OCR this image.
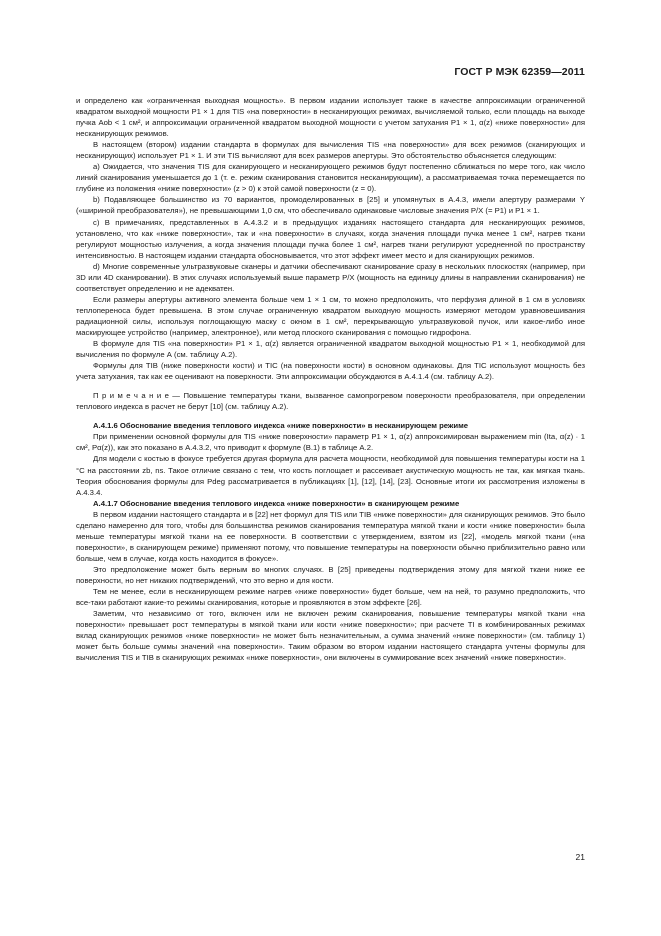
ГОСТ Р МЭК 62359—2011

и определено как «ограниченная выходная мощность». В первом издании использует также в качестве аппроксимации ограниченной квадратом выходной мощности P1 × 1 для TIS «на поверхности» в несканирующих режимах, вычисляемой только, если площадь на выходе пучка Aob < 1 см², и аппроксимации ограниченной квадратом выходной мощности с учетом затухания P1 × 1, α(z) «ниже поверхности» для несканирующих режимов.

В настоящем (втором) издании стандарта в формулах для вычисления TIS «на поверхности» для всех режимов (сканирующих и несканирующих) использует P1 × 1. И эти TIS вычисляют для всех размеров апертуры. Это обстоятельство объясняется следующим:

а) Ожидается, что значения TIS для сканирующего и несканирующего режимов будут постепенно сближаться по мере того, как число линий сканирования уменьшается до 1 (т. е. режим сканирования становится несканирующим), а рассматриваемая точка перемещается по глубине из положения «ниже поверхности» (z > 0) к этой самой поверхности (z = 0).

b) Подавляющее большинство из 70 вариантов, промоделированных в [25] и упомянутых в А.4.3, имели апертуру размерами Y («шириной преобразователя»), не превышающими 1,0 см, что обеспечивало одинаковые числовые значения P/X (= P1) и P1 × 1.

c) В примечаниях, представленных в А.4.3.2 и в предыдущих изданиях настоящего стандарта для несканирующих режимов, установлено, что как «ниже поверхности», так и «на поверхности» в случаях, когда значения площади пучка менее 1 см², нагрев ткани регулируют мощностью излучения, а когда значения площади пучка более 1 см², нагрев ткани регулируют усредненной по пространству интенсивностью. В настоящем издании стандарта обосновывается, что этот эффект имеет место и для сканирующих режимов.

d) Многие современные ультразвуковые сканеры и датчики обеспечивают сканирование сразу в нескольких плоскостях (например, при 3D или 4D сканировании). В этих случаях используемый выше параметр P/X (мощность на единицу длины в направлении сканирования) не соответствует определению и не адекватен.

Если размеры апертуры активного элемента больше чем 1 × 1 см, то можно предположить, что перфузия длиной в 1 см в условиях теплопереноса будет превышена. В этом случае ограниченную квадратом выходную мощность измеряют методом уравновешивания радиационной силы, используя поглощающую маску с окном в 1 см², перекрывающую ультразвуковой пучок, или какое-либо иное маскирующее устройство (например, электронное), или метод плоского сканирования с помощью гидрофона.

В формуле для TIS «на поверхности» P1 × 1, α(z) является ограниченной квадратом выходной мощностью P1 × 1, необходимой для вычисления по формуле А (см. таблицу А.2).

Формулы для TIB (ниже поверхности кости) и TIC (на поверхности кости) в основном одинаковы. Для TIC используют мощность без учета затухания, так как ее оценивают на поверхности. Эти аппроксимации обсуждаются в А.4.1.4 (см. таблицу А.2).

П р и м е ч а н и е — Повышение температуры ткани, вызванное самопрогревом поверхности преобразователя, при определении теплового индекса в расчет не берут [10] (см. таблицу А.2).

А.4.1.6 Обоснование введения теплового индекса «ниже поверхности» в несканирующем режиме

При применении основной формулы для TIS «ниже поверхности» параметр P1 × 1, α(z) аппроксимирован выражением min (Ita, α(z) · 1 см², Pα(z)), как это показано в А.4.3.2, что приводит к формуле (В.1) в таблице А.2.

Для модели с костью в фокусе требуется другая формула для расчета мощности, необходимой для повышения температуры кости на 1 °С на расстоянии zb, ns. Такое отличие связано с тем, что кость поглощает и рассеивает акустическую мощность не так, как мягкая ткань. Теория обоснования формулы для Pdeg рассматривается в публикациях [1], [12], [14], [23]. Основные итоги их рассмотрения изложены в А.4.3.4.

А.4.1.7 Обоснование введения теплового индекса «ниже поверхности» в сканирующем режиме

В первом издании настоящего стандарта и в [22] нет формул для TIS или TIB «ниже поверхности» для сканирующих режимов. Это было сделано намеренно для того, чтобы для большинства режимов сканирования температура мягкой ткани и кости «ниже поверхности» была меньше температуры мягкой ткани на ее поверхности. В соответствии с утверждением, взятом из [22], «модель мягкой ткани («на поверхности», в сканирующем режиме) применяют потому, что повышение температуры на поверхности обычно приблизительно равно или больше, чем в случае, когда кость находится в фокусе».

Это предположение может быть верным во многих случаях. В [25] приведены подтверждения этому для мягкой ткани ниже ее поверхности, но нет никаких подтверждений, что это верно и для кости.

Тем не менее, если в несканирующем режиме нагрев «ниже поверхности» будет больше, чем на ней, то разумно предположить, что все-таки работают какие-то режимы сканирования, которые и проявляются в этом эффекте [26].

Заметим, что независимо от того, включен или не включен режим сканирования, повышение температуры мягкой ткани «на поверхности» превышает рост температуры в мягкой ткани или кости «ниже поверхности»; при расчете TI в комбинированных режимах вклад сканирующих режимов «ниже поверхности» не может быть незначительным, а сумма значений «ниже поверхности» (см. таблицу 1) может быть больше суммы значений «на поверхности». Таким образом во втором издании настоящего стандарта учтены формулы для вычисления TIS и TIB в сканирующих режимах «ниже поверхности», они включены в суммирование всех значений «ниже поверхности».

21
